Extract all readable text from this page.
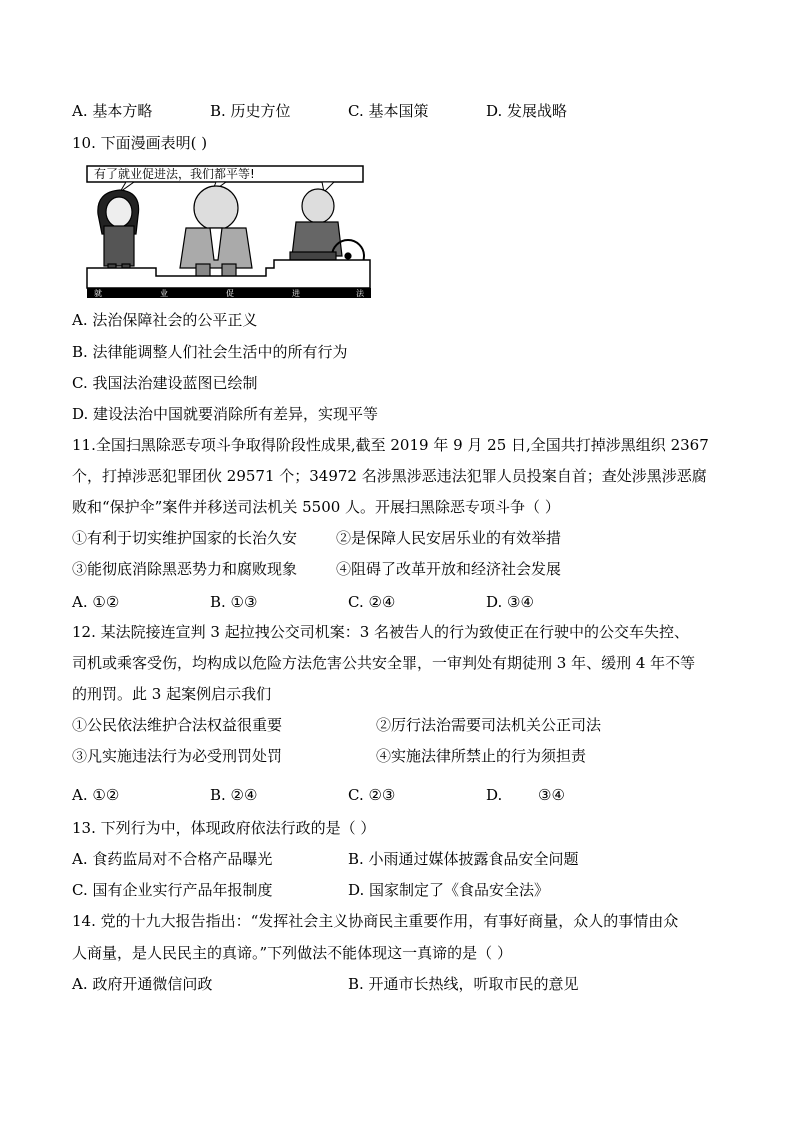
A. 基本方略	B. 历史方位	C. 基本国策	D. 发展战略
10. 下面漫画表明( )
有了就业促进法，我们都平等!
就	业	促	进	法
A. 法治保障社会的公平正义
B. 法律能调整人们社会生活中的所有行为
C. 我国法治建设蓝图已绘制
D. 建设法治中国就要消除所有差异，实现平等
11.全国扫黑除恶专项斗争取得阶段性成果,截至 2019 年 9 月 25 日,全国共打掉涉黑组织 2367
个，打掉涉恶犯罪团伙 29571 个；34972 名涉黑涉恶违法犯罪人员投案自首；查处涉黑涉恶腐
败和“保护伞”案件并移送司法机关 5500 人。开展扫黑除恶专项斗争（ ）
①有利于切实维护国家的长治久安	②是保障人民安居乐业的有效举措
③能彻底消除黑恶势力和腐败现象	④阻碍了改革开放和经济社会发展
A. ①②	B. ①③	C. ②④	D. ③④
12. 某法院接连宣判 3 起拉拽公交司机案：3 名被告人的行为致使正在行驶中的公交车失控、
司机或乘客受伤，均构成以危险方法危害公共安全罪，一审判处有期徒刑 3 年、缓刑 4 年不等
的刑罚。此 3 起案例启示我们
①公民依法维护合法权益很重要	②厉行法治需要司法机关公正司法
③凡实施违法行为必受刑罚处罚	④实施法律所禁止的行为须担责
A. ①②	B. ②④	C. ②③	D. ③④
13. 下列行为中，体现政府依法行政的是（ ）
A. 食药监局对不合格产品曝光	B. 小雨通过媒体披露食品安全问题
C. 国有企业实行产品年报制度	D. 国家制定了《食品安全法》
14. 党的十九大报告指出：“发挥社会主义协商民主重要作用，有事好商量，众人的事情由众
人商量，是人民民主的真谛。”下列做法不能体现这一真谛的是（ ）
A. 政府开通微信问政	B. 开通市长热线，听取市民的意见
